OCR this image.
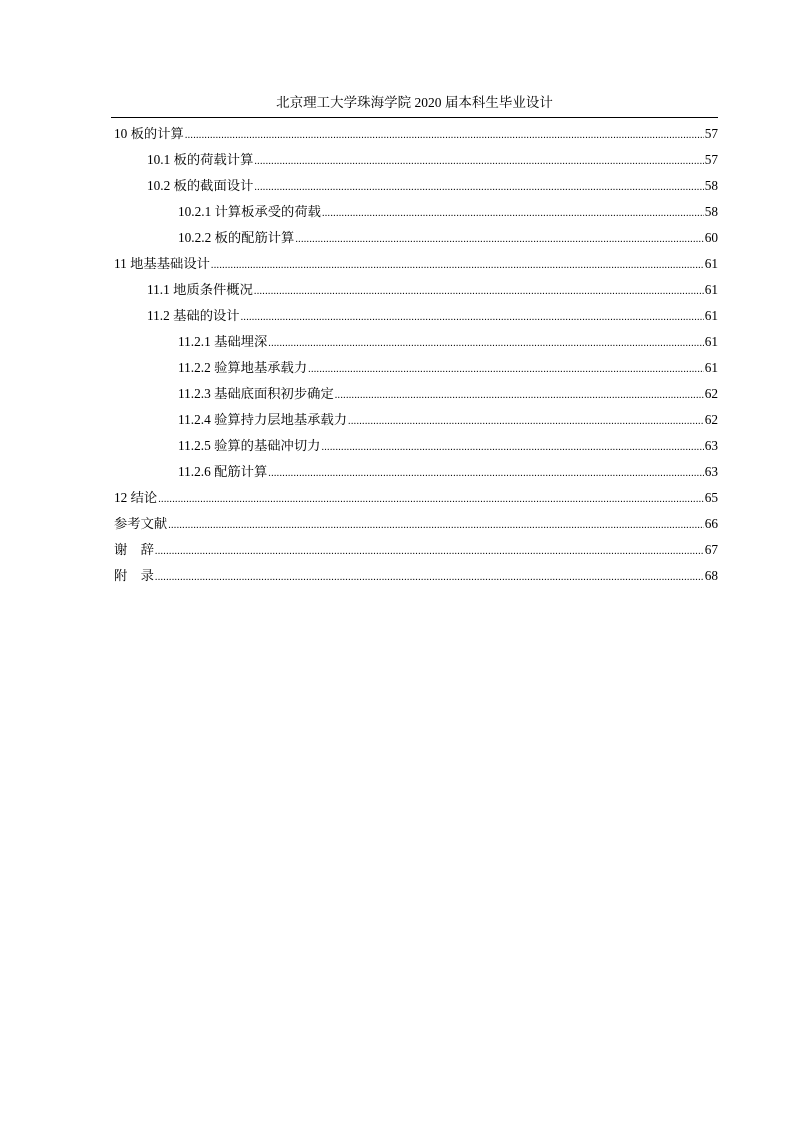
北京理工大学珠海学院 2020 届本科生毕业设计
10 板的计算 .....	57
10.1 板的荷载计算 .....	57
10.2 板的截面设计 .....	58
10.2.1 计算板承受的荷载 .....	58
10.2.2 板的配筋计算 .....	60
11 地基基础设计 .....	61
11.1 地质条件概况 .....	61
11.2 基础的设计 .....	61
11.2.1 基础埋深 .....	61
11.2.2 验算地基承载力 .....	61
11.2.3 基础底面积初步确定 .....	62
11.2.4 验算持力层地基承载力 .....	62
11.2.5 验算的基础冲切力 .....	63
11.2.6 配筋计算 .....	63
12 结论 .....	65
参考文献 .....	66
谢　辞 .....	67
附　录 .....	68
